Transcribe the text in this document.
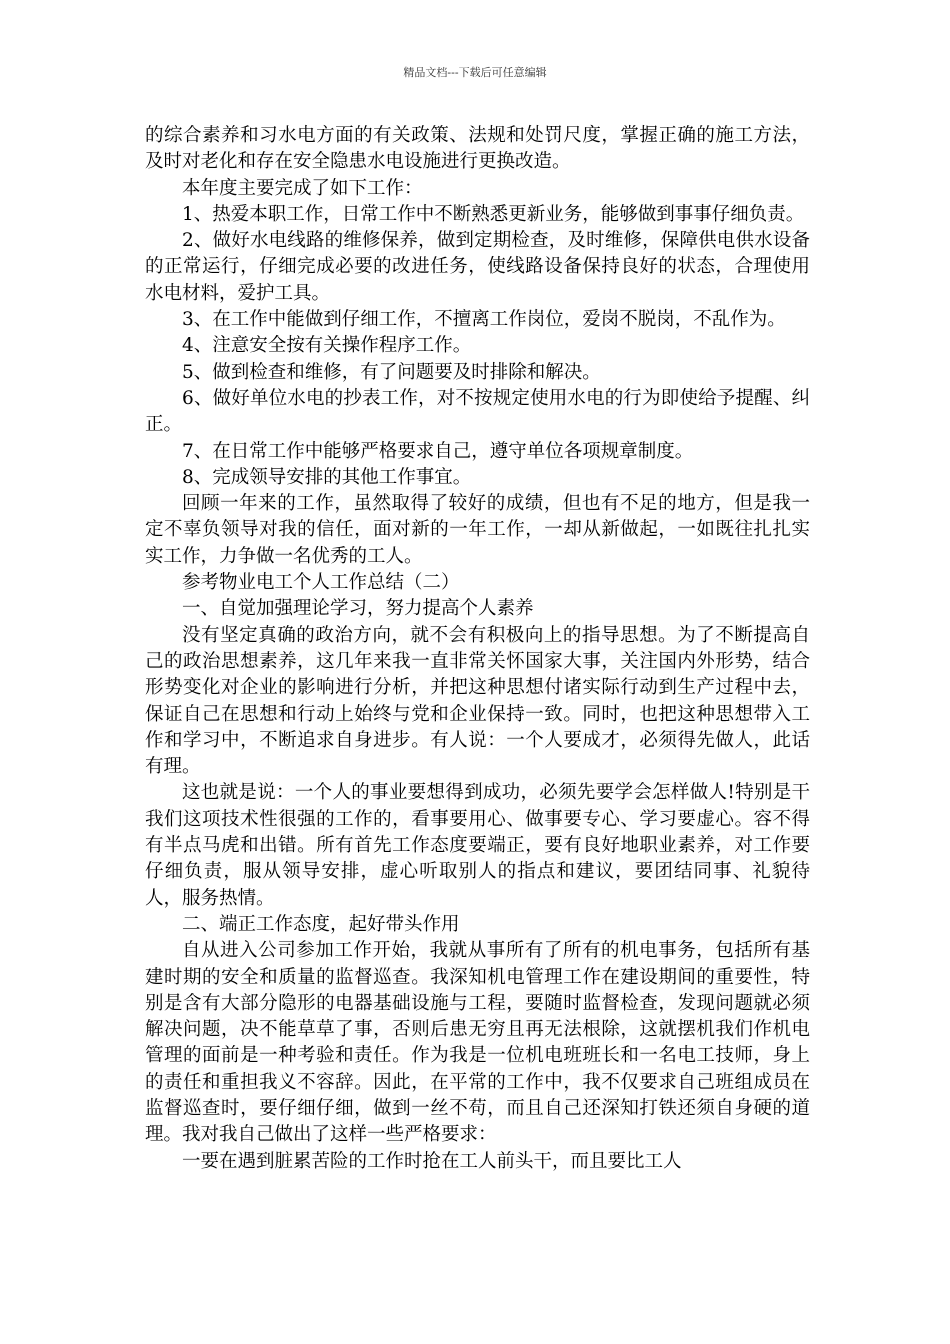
精品文档---下载后可任意编辑

的综合素养和习水电方面的有关政策、法规和处罚尺度，掌握正确的施工方法，及时对老化和存在安全隐患水电设施进行更换改造。

本年度主要完成了如下工作：

1、热爱本职工作，日常工作中不断熟悉更新业务，能够做到事事仔细负责。

2、做好水电线路的维修保养，做到定期检查，及时维修，保障供电供水设备的正常运行，仔细完成必要的改进任务，使线路设备保持良好的状态，合理使用水电材料，爱护工具。

3、在工作中能做到仔细工作，不擅离工作岗位，爱岗不脱岗，不乱作为。

4、注意安全按有关操作程序工作。

5、做到检查和维修，有了问题要及时排除和解决。

6、做好单位水电的抄表工作，对不按规定使用水电的行为即使给予提醒、纠正。

7、在日常工作中能够严格要求自己，遵守单位各项规章制度。

8、完成领导安排的其他工作事宜。

回顾一年来的工作，虽然取得了较好的成绩，但也有不足的地方，但是我一定不辜负领导对我的信任，面对新的一年工作，一却从新做起，一如既往扎扎实实工作，力争做一名优秀的工人。

参考物业电工个人工作总结（二）

一、自觉加强理论学习，努力提高个人素养

没有坚定真确的政治方向，就不会有积极向上的指导思想。为了不断提高自己的政治思想素养，这几年来我一直非常关怀国家大事，关注国内外形势，结合形势变化对企业的影响进行分析，并把这种思想付诸实际行动到生产过程中去，保证自己在思想和行动上始终与党和企业保持一致。同时，也把这种思想带入工作和学习中，不断追求自身进步。有人说：一个人要成才，必须得先做人，此话有理。

这也就是说：一个人的事业要想得到成功，必须先要学会怎样做人!特别是干我们这项技术性很强的工作的，看事要用心、做事要专心、学习要虚心。容不得有半点马虎和出错。所有首先工作态度要端正，要有良好地职业素养，对工作要仔细负责，服从领导安排，虚心听取别人的指点和建议，要团结同事、礼貌待人，服务热情。

二、端正工作态度，起好带头作用

自从进入公司参加工作开始，我就从事所有了所有的机电事务，包括所有基建时期的安全和质量的监督巡查。我深知机电管理工作在建设期间的重要性，特别是含有大部分隐形的电器基础设施与工程，要随时监督检查，发现问题就必须解决问题，决不能草草了事，否则后患无穷且再无法根除，这就摆机我们作机电管理的面前是一种考验和责任。作为我是一位机电班班长和一名电工技师，身上的责任和重担我义不容辞。因此，在平常的工作中，我不仅要求自己班组成员在监督巡查时，要仔细仔细，做到一丝不苟，而且自己还深知打铁还须自身硬的道理。我对我自己做出了这样一些严格要求：

一要在遇到脏累苦险的工作时抢在工人前头干，而且要比工人
